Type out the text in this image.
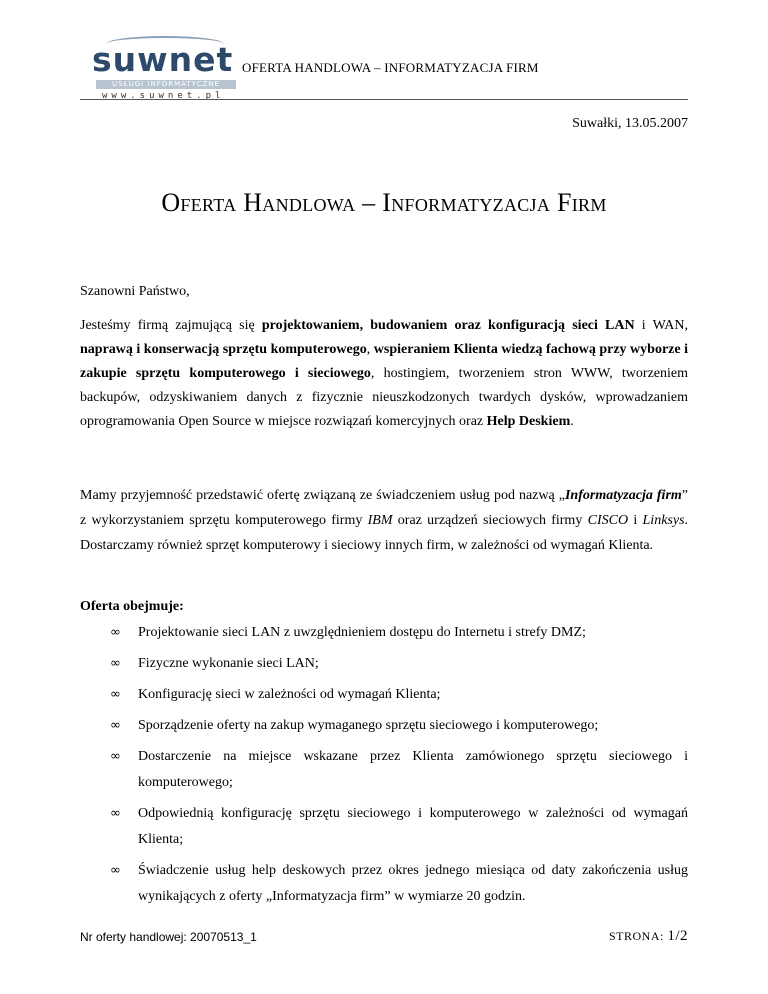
suwnet
USŁUGI INFORMATYCZNE
www.suwnet.pl
OFERTA HANDLOWA – INFORMATYZACJA FIRM
Suwałki, 13.05.2007
Oferta Handlowa – Informatyzacja Firm
Szanowni Państwo,
Jesteśmy firmą zajmującą się projektowaniem, budowaniem oraz konfiguracją sieci LAN i WAN, naprawą i konserwacją sprzętu komputerowego, wspieraniem Klienta wiedzą fachową przy wyborze i zakupie sprzętu komputerowego i sieciowego, hostingiem, tworzeniem stron WWW, tworzeniem backupów, odzyskiwaniem danych z fizycznie nieuszkodzonych twardych dysków, wprowadzaniem oprogramowania Open Source w miejsce rozwiązań komercyjnych oraz Help Deskiem.
Mamy przyjemność przedstawić ofertę związaną ze świadczeniem usług pod nazwą „Informatyzacja firm” z wykorzystaniem sprzętu komputerowego firmy IBM oraz urządzeń sieciowych firmy CISCO i Linksys. Dostarczamy również sprzęt komputerowy i sieciowy innych firm, w zależności od wymagań Klienta.
Oferta obejmuje:
∞ Projektowanie sieci LAN z uwzględnieniem dostępu do Internetu i strefy DMZ;
∞ Fizyczne wykonanie sieci LAN;
∞ Konfigurację sieci w zależności od wymagań Klienta;
∞ Sporządzenie oferty na zakup wymaganego sprzętu sieciowego i komputerowego;
∞ Dostarczenie na miejsce wskazane przez Klienta zamówionego sprzętu sieciowego i komputerowego;
∞ Odpowiednią konfigurację sprzętu sieciowego i komputerowego w zależności od wymagań Klienta;
∞ Świadczenie usług help deskowych przez okres jednego miesiąca od daty zakończenia usług wynikających z oferty „Informatyzacja firm” w wymiarze 20 godzin.
Nr oferty handlowej: 20070513_1	STRONA: 1/2
